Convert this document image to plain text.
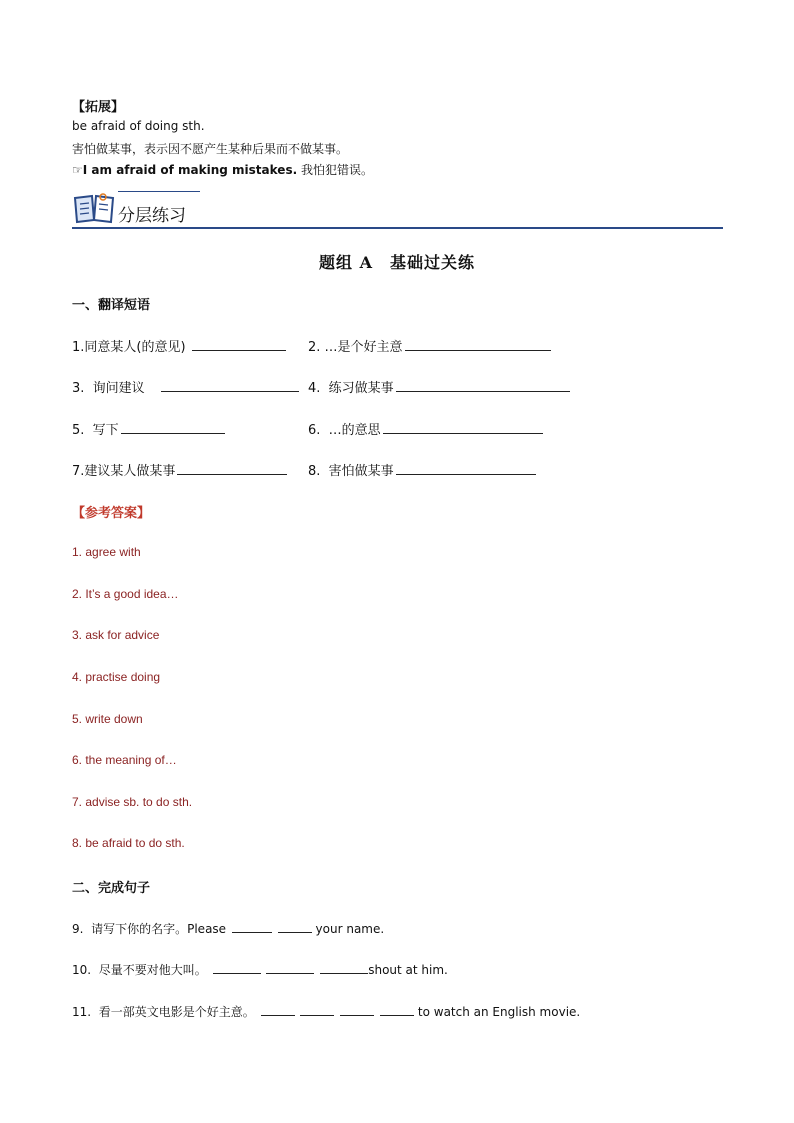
【拓展】
be afraid of doing sth.
害怕做某事，表示因不愿产生某种后果而不做某事。
☞I am afraid of making mistakes. 我怕犯错误。
分层练习
题组 A　基础过关练
一、翻译短语
1.同意某人(的意见)	2. …是个好主意
3. 询问建议	4. 练习做某事
5. 写下	6. …的意思
7.建议某人做某事	8. 害怕做某事
【参考答案】
1. agree with
2. It’s a good idea…
3. ask for advice
4. practise doing
5. write down
6. the meaning of…
7. advise sb. to do sth.
8. be afraid to do sth.
二、完成句子
9. 请写下你的名字。Please	your name.
10. 尽量不要对他大叫。	shout at him.
11. 看一部英文电影是个好主意。	to watch an English movie.
